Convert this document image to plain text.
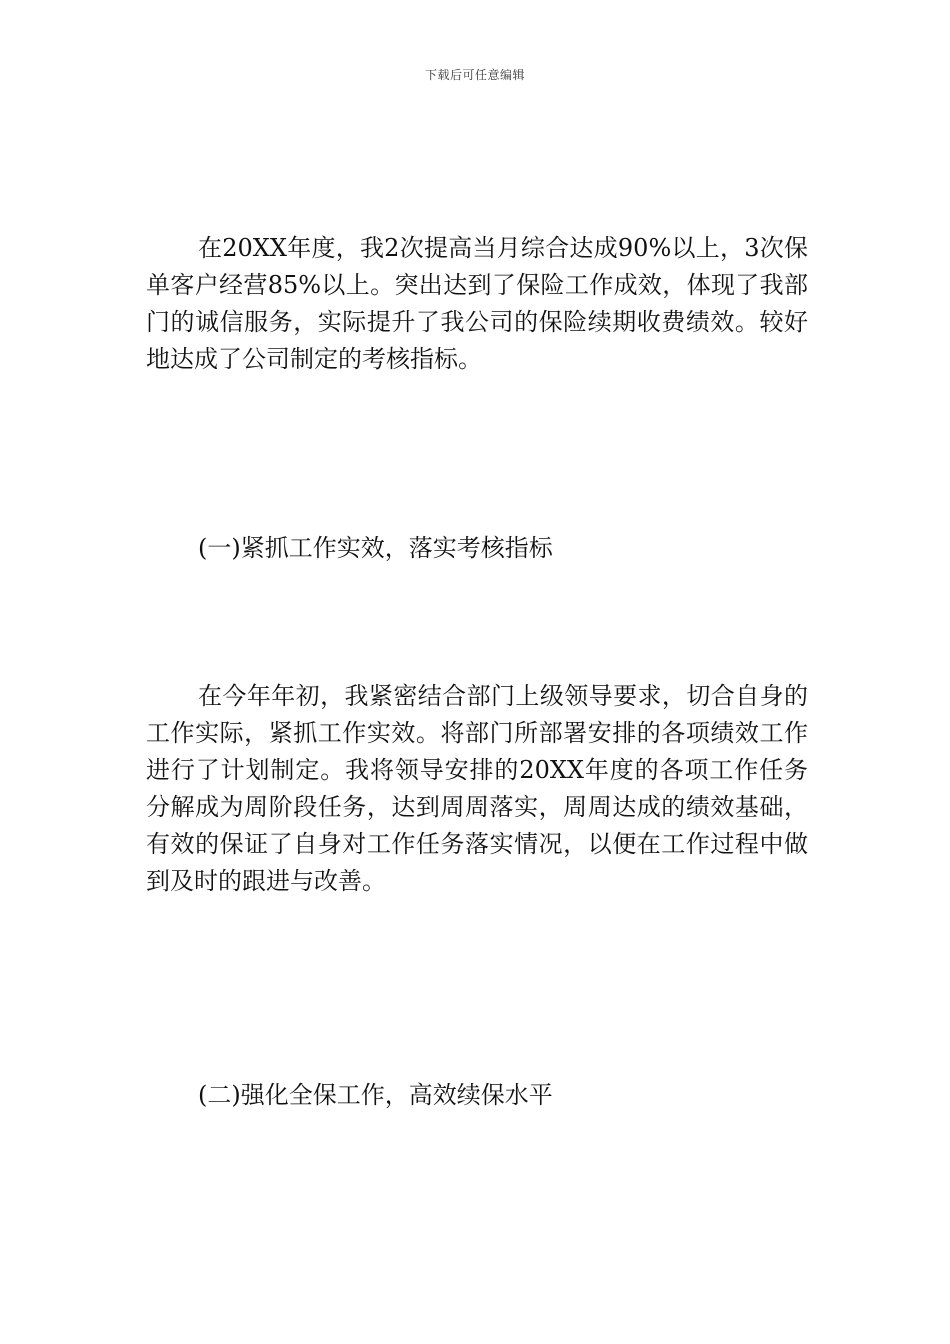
下载后可任意编辑

在20XX年度，我2次提高当月综合达成90%以上，3次保单客户经营85%以上。突出达到了保险工作成效，体现了我部门的诚信服务，实际提升了我公司的保险续期收费绩效。较好地达成了公司制定的考核指标。

(一)紧抓工作实效，落实考核指标

在今年年初，我紧密结合部门上级领导要求，切合自身的工作实际，紧抓工作实效。将部门所部署安排的各项绩效工作进行了计划制定。我将领导安排的20XX年度的各项工作任务分解成为周阶段任务，达到周周落实，周周达成的绩效基础，有效的保证了自身对工作任务落实情况，以便在工作过程中做到及时的跟进与改善。

(二)强化全保工作，高效续保水平
